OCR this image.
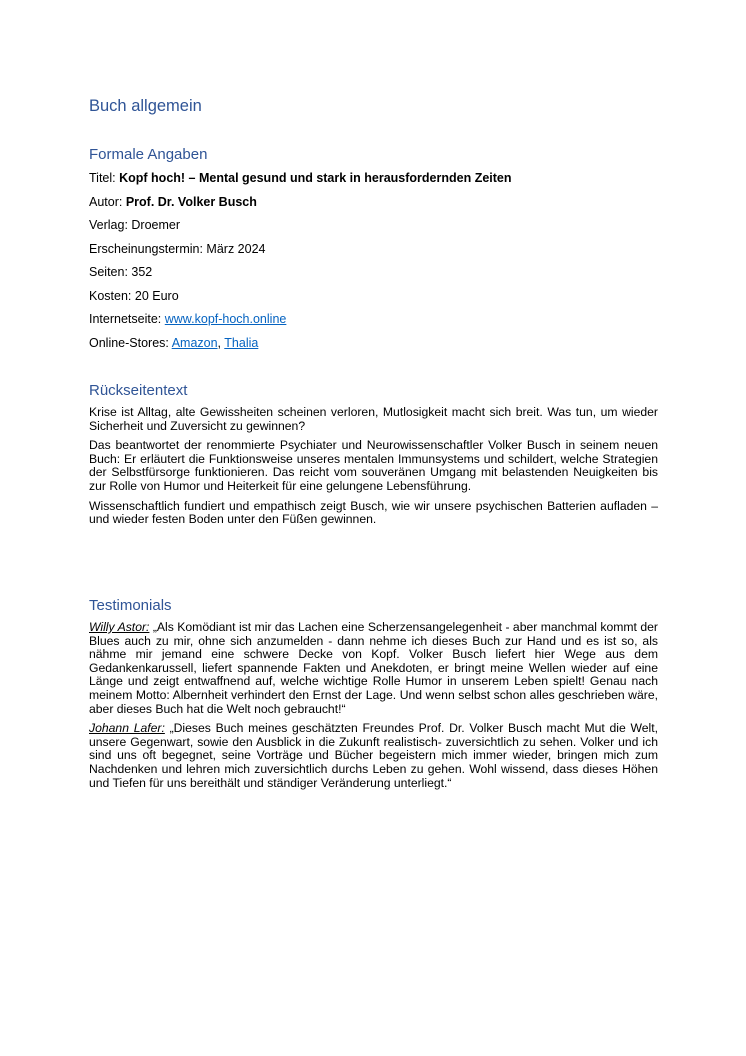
Buch allgemein
Formale Angaben
Titel: Kopf hoch! – Mental gesund und stark in herausfordernden Zeiten
Autor: Prof. Dr. Volker Busch
Verlag: Droemer
Erscheinungstermin: März 2024
Seiten: 352
Kosten: 20 Euro
Internetseite: www.kopf-hoch.online
Online-Stores: Amazon, Thalia
Rückseitentext

Krise ist Alltag, alte Gewissheiten scheinen verloren, Mutlosigkeit macht sich breit. Was tun, um wieder Sicherheit und Zuversicht zu gewinnen?

Das beantwortet der renommierte Psychiater und Neurowissenschaftler Volker Busch in seinem neuen Buch: Er erläutert die Funktionsweise unseres mentalen Immunsystems und schildert, welche Strategien der Selbstfürsorge funktionieren. Das reicht vom souveränen Umgang mit belastenden Neuigkeiten bis zur Rolle von Humor und Heiterkeit für eine gelungene Lebensführung.

Wissenschaftlich fundiert und empathisch zeigt Busch, wie wir unsere psychischen Batterien aufladen – und wieder festen Boden unter den Füßen gewinnen.

Testimonials

Willy Astor: „Als Komödiant ist mir das Lachen eine Scherzensangelegenheit - aber manchmal kommt der Blues auch zu mir, ohne sich anzumelden - dann nehme ich dieses Buch zur Hand und es ist so, als nähme mir jemand eine schwere Decke von Kopf. Volker Busch liefert hier Wege aus dem Gedankenkarussell, liefert spannende Fakten und Anekdoten, er bringt meine Wellen wieder auf eine Länge und zeigt entwaffnend auf, welche wichtige Rolle Humor in unserem Leben spielt! Genau nach meinem Motto: Albernheit verhindert den Ernst der Lage. Und wenn selbst schon alles geschrieben wäre, aber dieses Buch hat die Welt noch gebraucht!“

Johann Lafer: „Dieses Buch meines geschätzten Freundes Prof. Dr. Volker Busch macht Mut die Welt, unsere Gegenwart, sowie den Ausblick in die Zukunft realistisch- zuversichtlich zu sehen. Volker und ich sind uns oft begegnet, seine Vorträge und Bücher begeistern mich immer wieder, bringen mich zum Nachdenken und lehren mich zuversichtlich durchs Leben zu gehen. Wohl wissend, dass dieses Höhen und Tiefen für uns bereithält und ständiger Veränderung unterliegt.“
